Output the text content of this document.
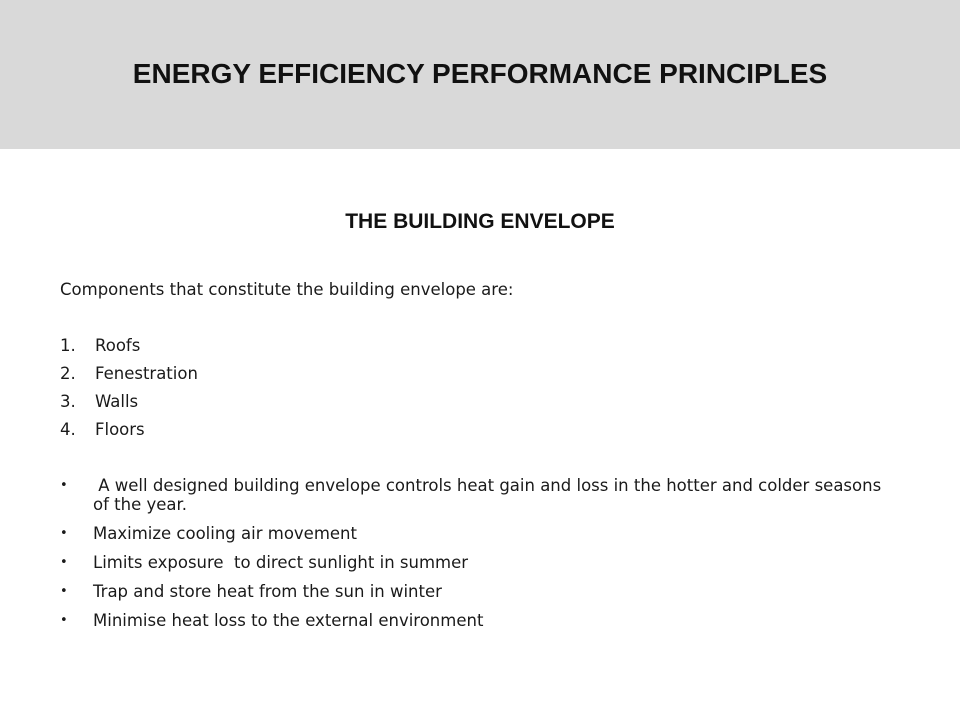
ENERGY EFFICIENCY PERFORMANCE PRINCIPLES
THE BUILDING ENVELOPE

Components that constitute the building envelope are:

1.	Roofs
2.	Fenestration
3.	Walls
4.	Floors
•	A well designed building envelope controls heat gain and loss in the hotter and colder seasons of the year.
•	Maximize cooling air movement
•	Limits exposure  to direct sunlight in summer
•	Trap and store heat from the sun in winter
•	Minimise heat loss to the external environment
